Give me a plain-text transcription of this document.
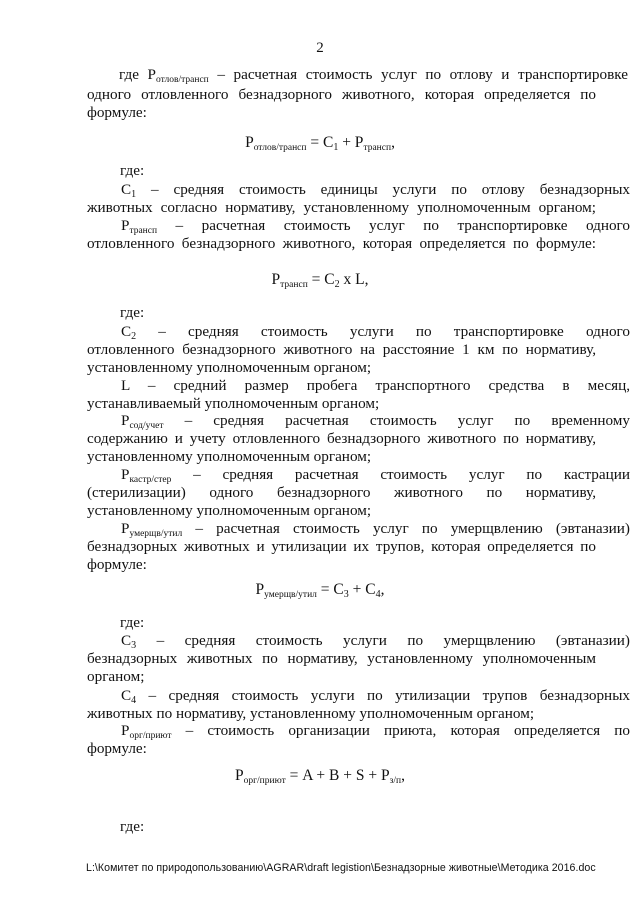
2
где Ротлов/трансп – расчетная стоимость услуг по отлову и транспортировке
одного отловленного безнадзорного животного, которая определяется по
формуле:
Ротлов/трансп = C1 + Pтрансп,
где:
C1 – средняя стоимость единицы услуги по отлову безнадзорных
животных согласно нормативу, установленному уполномоченным органом;
Ртрансп – расчетная стоимость услуг по транспортировке одного
отловленного безнадзорного животного, которая определяется по формуле:
Ртрансп = C2 x L,
где:
C2 – средняя стоимость услуги по транспортировке одного
отловленного безнадзорного животного на расстояние 1 км по нормативу,
установленному уполномоченным органом;
L – средний размер пробега транспортного средства в месяц,
устанавливаемый уполномоченным органом;
Рсод/учет – средняя расчетная стоимость услуг по временному
содержанию и учету отловленного безнадзорного животного по нормативу,
установленному уполномоченным органом;
Ркастр/стер – средняя расчетная стоимость услуг по кастрации
(стерилизации) одного безнадзорного животного по нормативу,
установленному уполномоченным органом;
Румерщв/утил – расчетная стоимость услуг по умерщвлению (эвтаназии)
безнадзорных животных и утилизации их трупов, которая определяется по
формуле:
Румерщв/утил = C3 + C4,
где:
C3 – средняя стоимость услуги по умерщвлению (эвтаназии)
безнадзорных животных по нормативу, установленному уполномоченным
органом;
C4 – средняя стоимость услуги по утилизации трупов безнадзорных
животных по нормативу, установленному уполномоченным органом;
Рорг/приют – стоимость организации приюта, которая определяется по
формуле:
Рорг/приют = A + B + S + Рз/п,
где:
L:\Комитет по природопользованию\AGRAR\draft legistion\Безнадзорные животные\Методика 2016.doc
